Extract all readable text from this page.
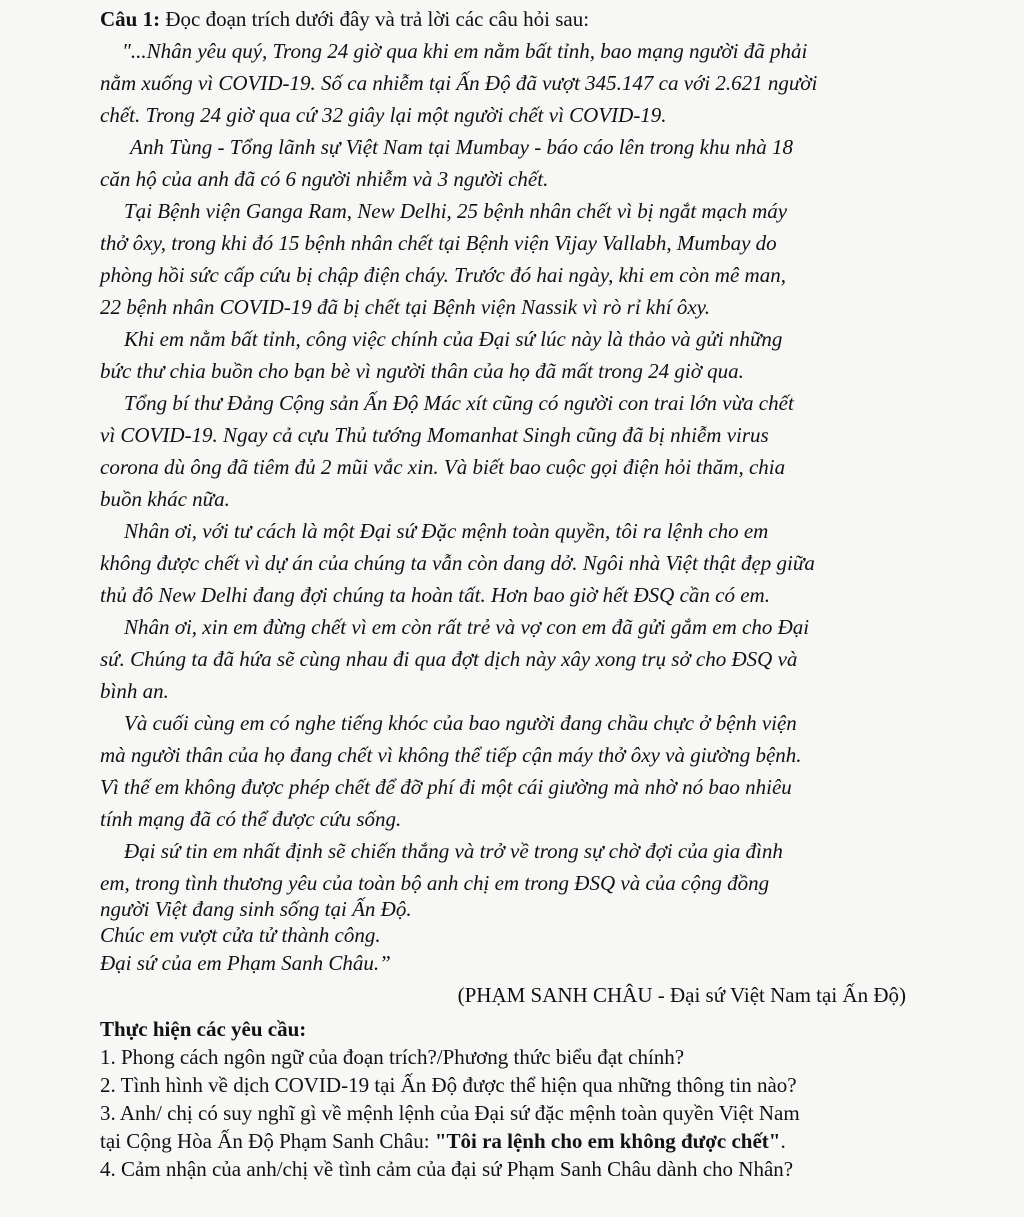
Câu 1: Đọc đoạn trích dưới đây và trả lời các câu hỏi sau:
"...Nhân yêu quý, Trong 24 giờ qua khi em nằm bất tỉnh, bao mạng người đã phải
nằm xuống vì COVID-19. Số ca nhiễm tại Ấn Độ đã vượt 345.147 ca với 2.621 người
chết. Trong 24 giờ qua cứ 32 giây lại một người chết vì COVID-19.
Anh Tùng - Tổng lãnh sự Việt Nam tại Mumbay - báo cáo lên trong khu nhà 18
căn hộ của anh đã có 6 người nhiễm và 3 người chết.
Tại Bệnh viện Ganga Ram, New Delhi, 25 bệnh nhân chết vì bị ngắt mạch máy
thở ôxy, trong khi đó 15 bệnh nhân chết tại Bệnh viện Vijay Vallabh, Mumbay do
phòng hồi sức cấp cứu bị chập điện cháy. Trước đó hai ngày, khi em còn mê man,
22 bệnh nhân COVID-19 đã bị chết tại Bệnh viện Nassik vì rò rỉ khí ôxy.
Khi em nằm bất tỉnh, công việc chính của Đại sứ lúc này là thảo và gửi những
bức thư chia buồn cho bạn bè vì người thân của họ đã mất trong 24 giờ qua.
Tổng bí thư Đảng Cộng sản Ấn Độ Mác xít cũng có người con trai lớn vừa chết
vì COVID-19. Ngay cả cựu Thủ tướng Momanhat Singh cũng đã bị nhiễm virus
corona dù ông đã tiêm đủ 2 mũi vắc xin. Và biết bao cuộc gọi điện hỏi thăm, chia
buồn khác nữa.
Nhân ơi, với tư cách là một Đại sứ Đặc mệnh toàn quyền, tôi ra lệnh cho em
không được chết vì dự án của chúng ta vẫn còn dang dở. Ngôi nhà Việt thật đẹp giữa
thủ đô New Delhi đang đợi chúng ta hoàn tất. Hơn bao giờ hết ĐSQ cần có em.
Nhân ơi, xin em đừng chết vì em còn rất trẻ và vợ con em đã gửi gắm em cho Đại
sứ. Chúng ta đã hứa sẽ cùng nhau đi qua đợt dịch này xây xong trụ sở cho ĐSQ và
bình an.
Và cuối cùng em có nghe tiếng khóc của bao người đang chầu chực ở bệnh viện
mà người thân của họ đang chết vì không thể tiếp cận máy thở ôxy và giường bệnh.
Vì thế em không được phép chết để đỡ phí đi một cái giường mà nhờ nó bao nhiêu
tính mạng đã có thể được cứu sống.
Đại sứ tin em nhất định sẽ chiến thắng và trở về trong sự chờ đợi của gia đình
em, trong tình thương yêu của toàn bộ anh chị em trong ĐSQ và của cộng đồng
người Việt đang sinh sống tại Ấn Độ.
Chúc em vượt cửa tử thành công.
Đại sứ của em Phạm Sanh Châu.”
(PHẠM SANH CHÂU - Đại sứ Việt Nam tại Ấn Độ)
Thực hiện các yêu cầu:
1. Phong cách ngôn ngữ của đoạn trích?/Phương thức biểu đạt chính?
2. Tình hình về dịch COVID-19 tại Ấn Độ được thể hiện qua những thông tin nào?
3. Anh/ chị có suy nghĩ gì về mệnh lệnh của Đại sứ đặc mệnh toàn quyền Việt Nam
tại Cộng Hòa Ấn Độ Phạm Sanh Châu: "Tôi ra lệnh cho em không được chết".
4. Cảm nhận của anh/chị về tình cảm của đại sứ Phạm Sanh Châu dành cho Nhân?
